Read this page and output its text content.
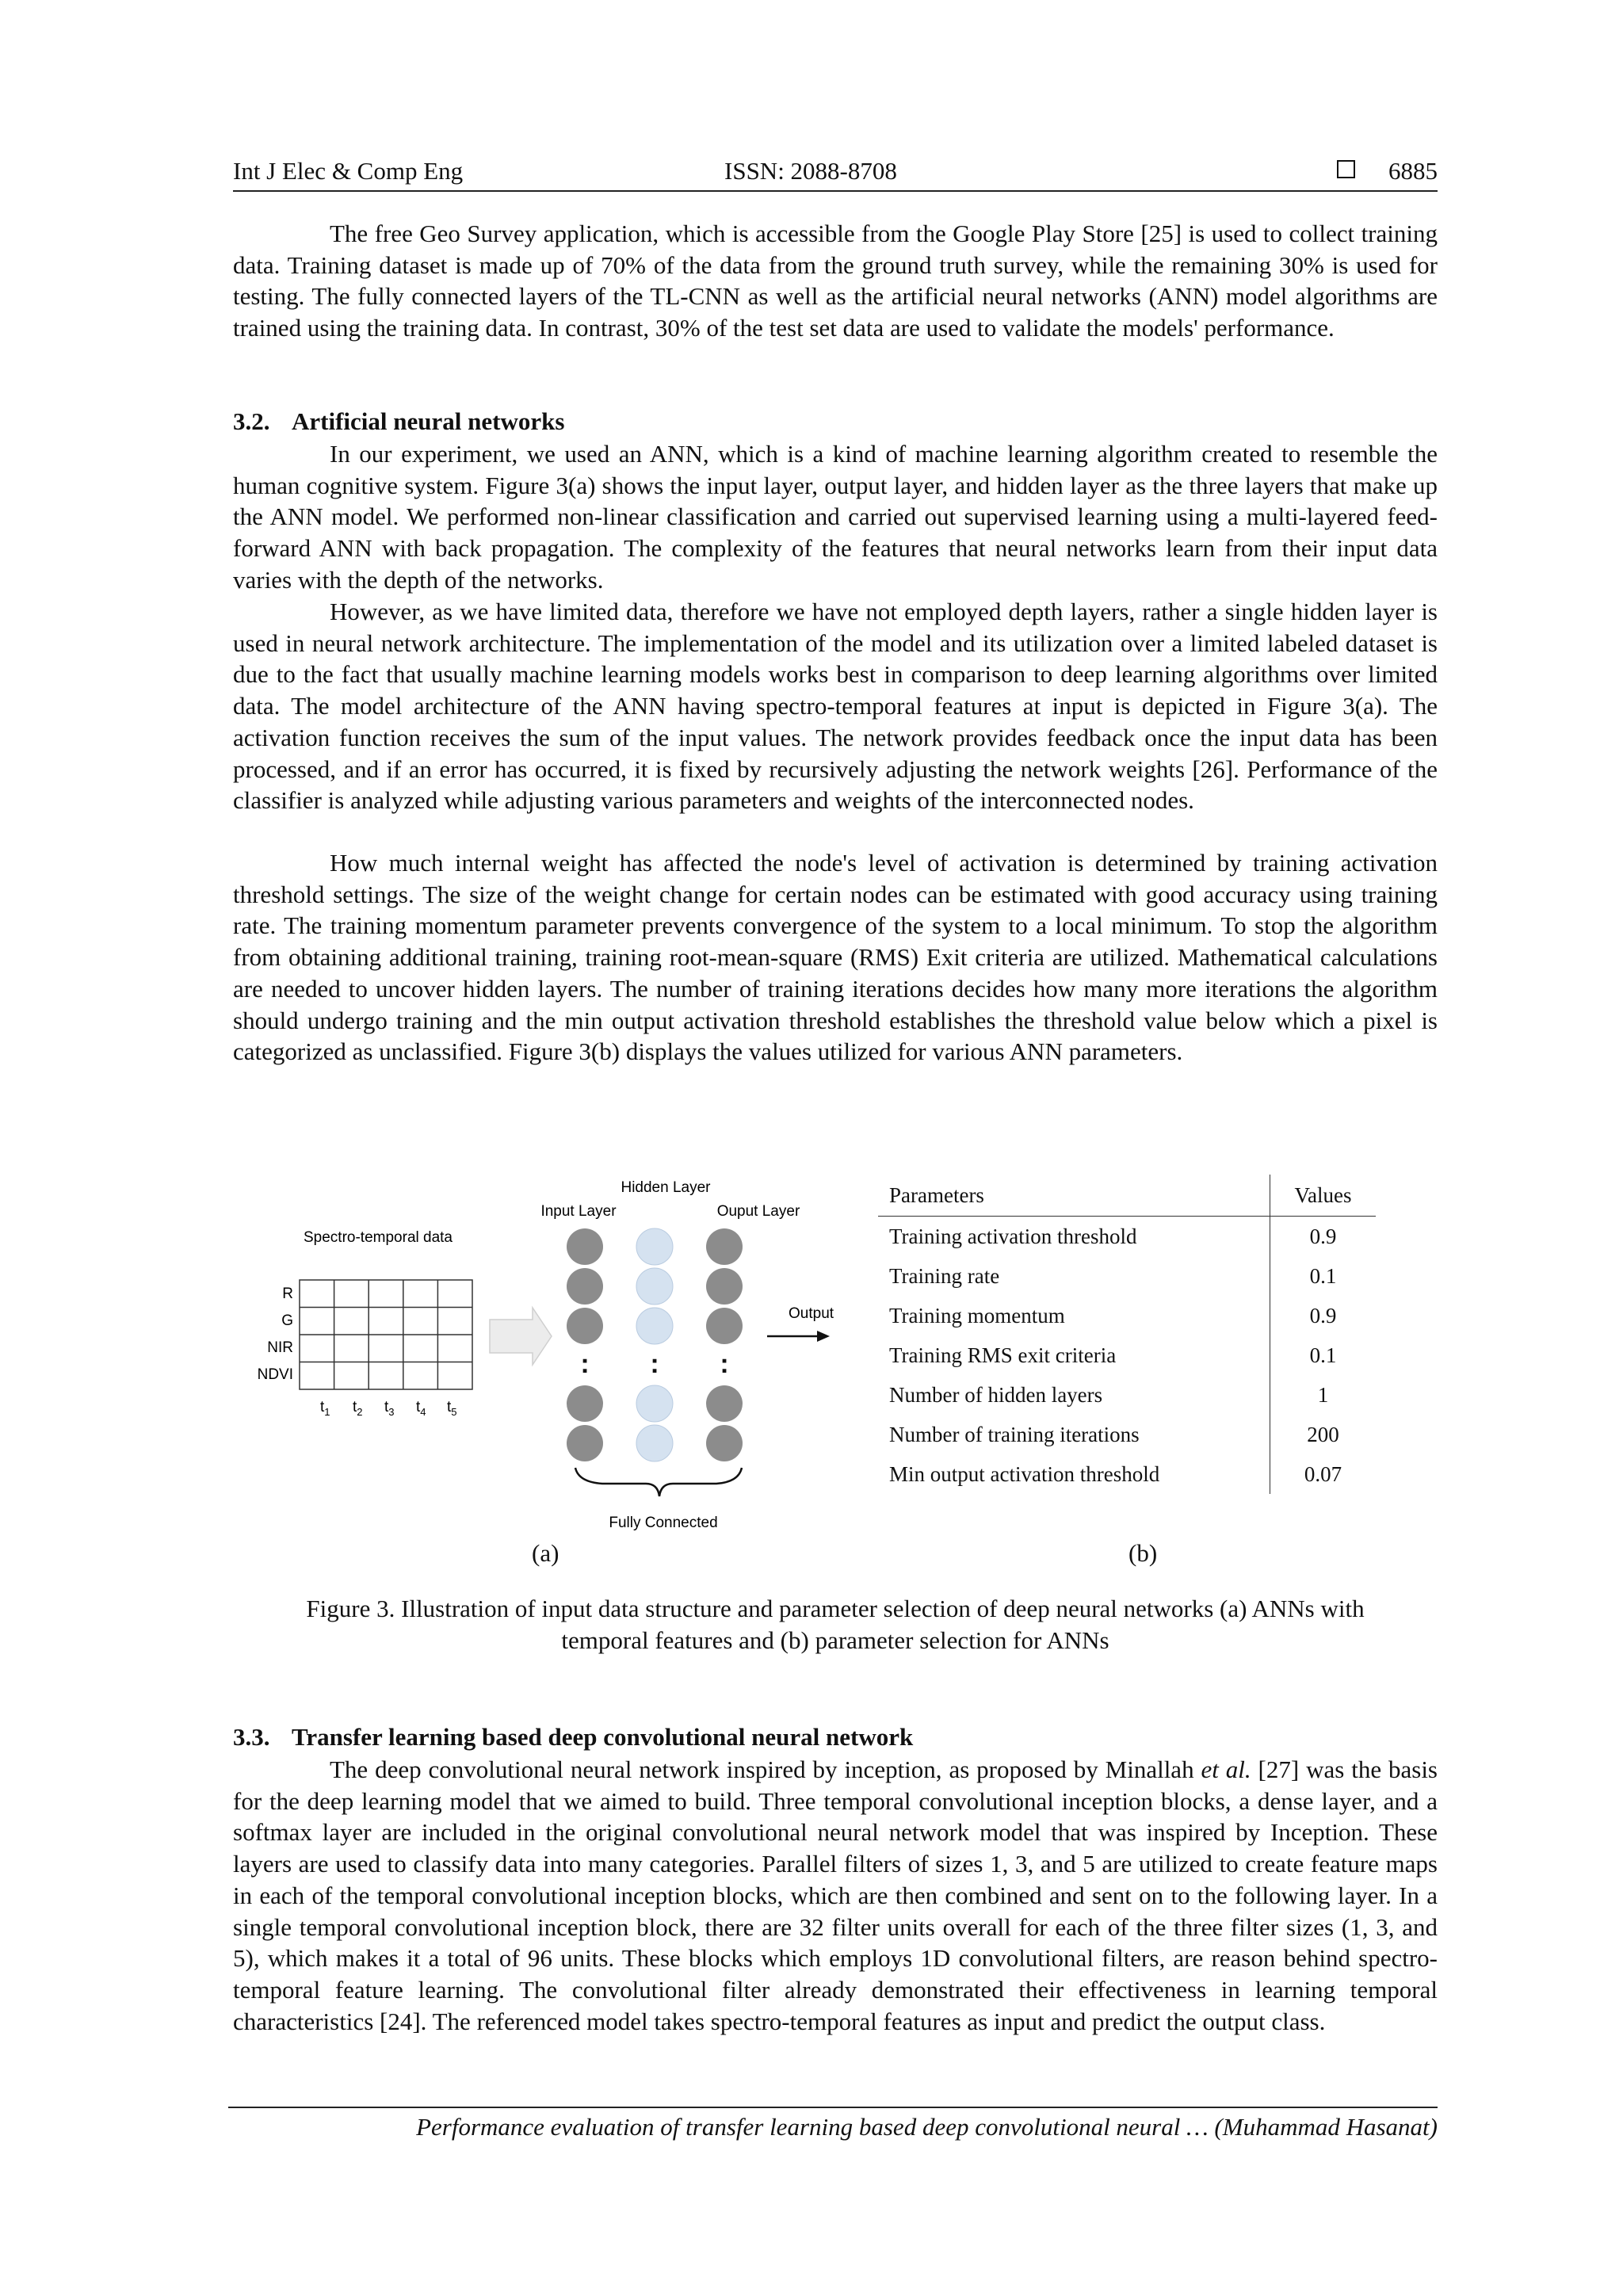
Int J Elec & Comp Eng	ISSN: 2088-8708	6885

The free Geo Survey application, which is accessible from the Google Play Store [25] is used to collect training data. Training dataset is made up of 70% of the data from the ground truth survey, while the remaining 30% is used for testing. The fully connected layers of the TL-CNN as well as the artificial neural networks (ANN) model algorithms are trained using the training data. In contrast, 30% of the test set data are used to validate the models' performance.

3.2. Artificial neural networks

In our experiment, we used an ANN, which is a kind of machine learning algorithm created to resemble the human cognitive system. Figure 3(a) shows the input layer, output layer, and hidden layer as the three layers that make up the ANN model. We performed non-linear classification and carried out supervised learning using a multi-layered feed-forward ANN with back propagation. The complexity of the features that neural networks learn from their input data varies with the depth of the networks.

However, as we have limited data, therefore we have not employed depth layers, rather a single hidden layer is used in neural network architecture. The implementation of the model and its utilization over a limited labeled dataset is due to the fact that usually machine learning models works best in comparison to deep learning algorithms over limited data. The model architecture of the ANN having spectro-temporal features at input is depicted in Figure 3(a). The activation function receives the sum of the input values. The network provides feedback once the input data has been processed, and if an error has occurred, it is fixed by recursively adjusting the network weights [26]. Performance of the classifier is analyzed while adjusting various parameters and weights of the interconnected nodes.

How much internal weight has affected the node's level of activation is determined by training activation threshold settings. The size of the weight change for certain nodes can be estimated with good accuracy using training rate. The training momentum parameter prevents convergence of the system to a local minimum. To stop the algorithm from obtaining additional training, training root-mean-square (RMS) Exit criteria are utilized. Mathematical calculations are needed to uncover hidden layers. The number of training iterations decides how many more iterations the algorithm should undergo training and the min output activation threshold establishes the threshold value below which a pixel is categorized as unclassified. Figure 3(b) displays the values utilized for various ANN parameters.

Spectro-temporal data
R
G
NIR
NDVI
$t_1$ $t_2$ $t_3$ $t_4$ $t_5$
Input Layer
Hidden Layer
Ouput Layer
: : :
Output
Fully Connected
Parameters	Values
Training activation threshold	0.9
Training rate	0.1
Training momentum	0.9
Training RMS exit criteria	0.1
Number of hidden layers	1
Number of training iterations	200
Min output activation threshold	0.07
(a)	(b)

Figure 3. Illustration of input data structure and parameter selection of deep neural networks (a) ANNs with
temporal features and (b) parameter selection for ANNs

3.3. Transfer learning based deep convolutional neural network

The deep convolutional neural network inspired by inception, as proposed by Minallah et al. [27] was the basis for the deep learning model that we aimed to build. Three temporal convolutional inception blocks, a dense layer, and a softmax layer are included in the original convolutional neural network model that was inspired by Inception. These layers are used to classify data into many categories. Parallel filters of sizes 1, 3, and 5 are utilized to create feature maps in each of the temporal convolutional inception blocks, which are then combined and sent on to the following layer. In a single temporal convolutional inception block, there are 32 filter units overall for each of the three filter sizes (1, 3, and 5), which makes it a total of 96 units. These blocks which employs 1D convolutional filters, are reason behind spectro-temporal feature learning. The convolutional filter already demonstrated their effectiveness in learning temporal characteristics [24]. The referenced model takes spectro-temporal features as input and predict the output class.

Performance evaluation of transfer learning based deep convolutional neural … (Muhammad Hasanat)
